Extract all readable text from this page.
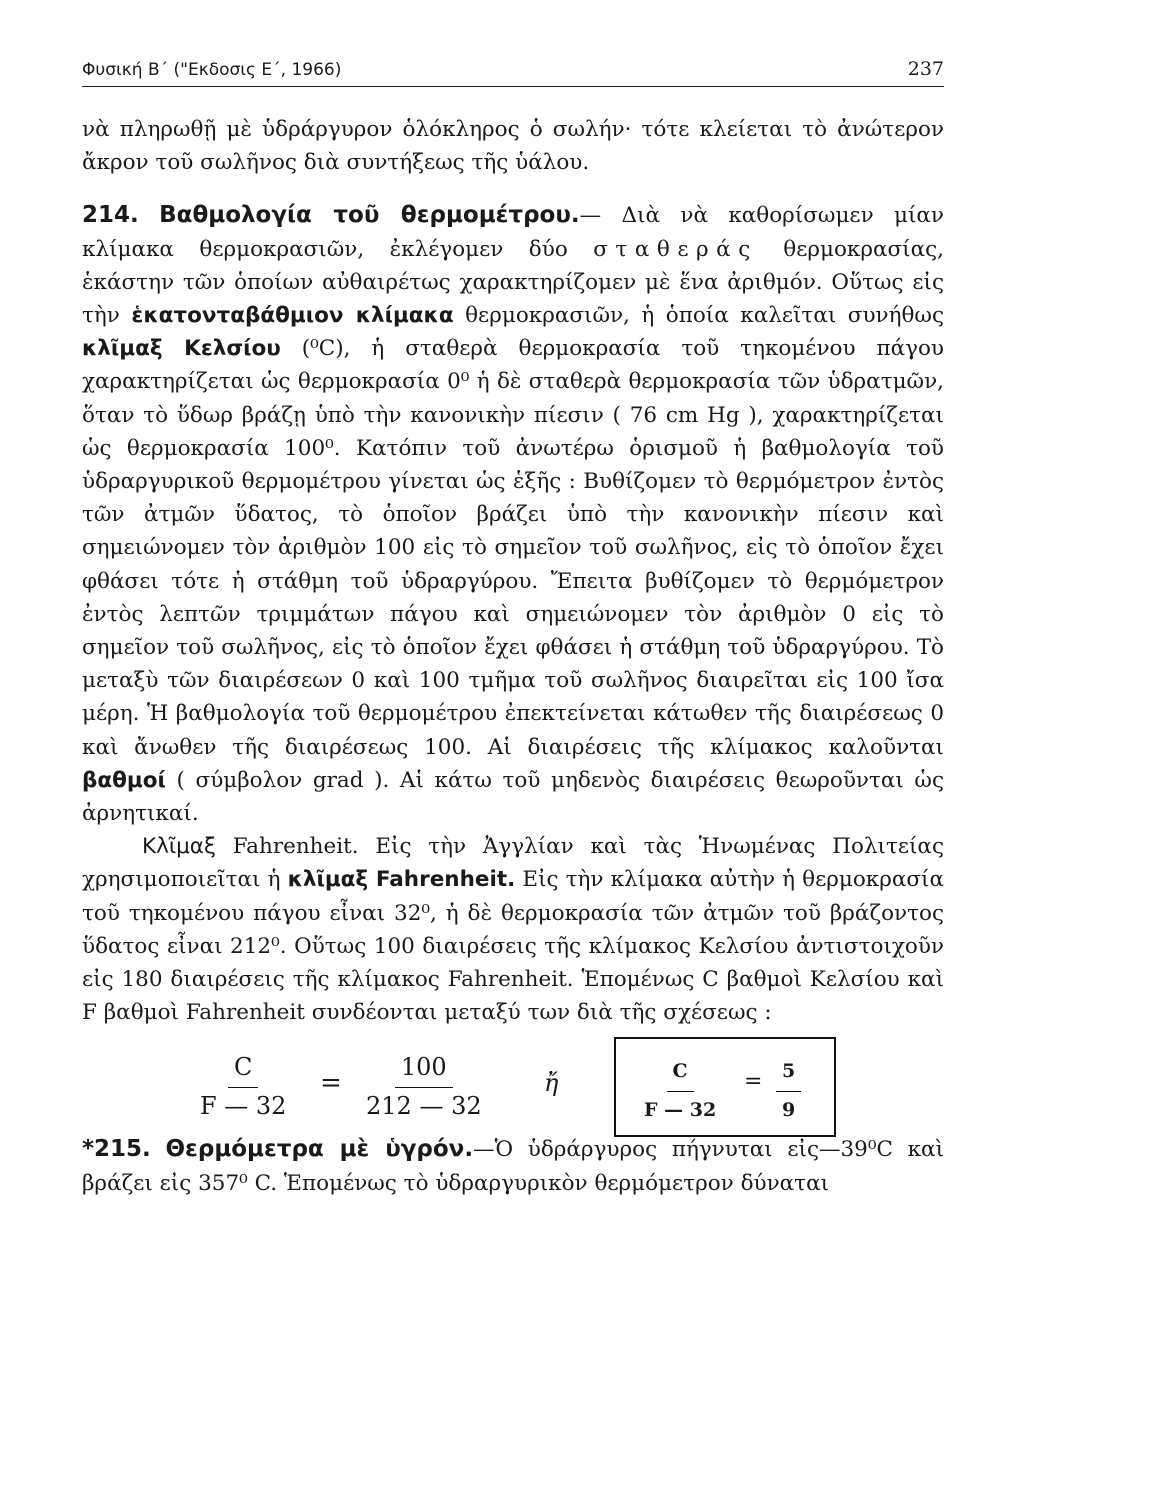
Φυσική Β΄ ("Εκδοσις Ε΄, 1966)	237

νὰ πληρωθῇ μὲ ὑδράργυρον ὁλόκληρος ὁ σωλήν· τότε κλείεται τὸ ἀνώτερον ἄκρον τοῦ σωλῆνος διὰ συντήξεως τῆς ὑάλου.

214. Βαθμολογία τοῦ θερμομέτρου.— Διὰ νὰ καθορίσωμεν μίαν κλίμακα θερμοκρασιῶν, ἐκλέγομεν δύο σταθεράς θερμοκρασίας, ἑκάστην τῶν ὁποίων αὐθαιρέτως χαρακτηρίζομεν μὲ ἕνα ἀριθμόν. Οὕτως εἰς τὴν ἑκατονταβάθμιον κλίμακα θερμοκρασιῶν, ἡ ὁποία καλεῖται συνήθως κλῖμαξ Κελσίου (⁰C), ἡ σταθερὰ θερμοκρασία τοῦ τηκομένου πάγου χαρακτηρίζεται ὡς θερμοκρασία 0⁰ ἡ δὲ σταθερὰ θερμοκρασία τῶν ὑδρατμῶν, ὅταν τὸ ὕδωρ βράζῃ ὑπὸ τὴν κανονικὴν πίεσιν ( 76 cm Hg ), χαρακτηρίζεται ὡς θερμοκρασία 100⁰. Κατόπιν τοῦ ἀνωτέρω ὁρισμοῦ ἡ βαθμολογία τοῦ ὑδραργυρικοῦ θερμομέτρου γίνεται ὡς ἑξῆς : Βυθίζομεν τὸ θερμόμετρον ἐντὸς τῶν ἀτμῶν ὕδατος, τὸ ὁποῖον βράζει ὑπὸ τὴν κανονικὴν πίεσιν καὶ σημειώνομεν τὸν ἀριθμὸν 100 εἰς τὸ σημεῖον τοῦ σωλῆνος, εἰς τὸ ὁποῖον ἔχει φθάσει τότε ἡ στάθμη τοῦ ὑδραργύρου. Ἔπειτα βυθίζομεν τὸ θερμόμετρον ἐντὸς λεπτῶν τριμμάτων πάγου καὶ σημειώνομεν τὸν ἀριθμὸν 0 εἰς τὸ σημεῖον τοῦ σωλῆνος, εἰς τὸ ὁποῖον ἔχει φθάσει ἡ στάθμη τοῦ ὑδραργύρου. Τὸ μεταξὺ τῶν διαιρέσεων 0 καὶ 100 τμῆμα τοῦ σωλῆνος διαιρεῖται εἰς 100 ἴσα μέρη. Ἡ βαθμολογία τοῦ θερμομέτρου ἐπεκτείνεται κάτωθεν τῆς διαιρέσεως 0 καὶ ἄνωθεν τῆς διαιρέσεως 100. Αἱ διαιρέσεις τῆς κλίμακος καλοῦνται βαθμοί ( σύμβολον grad ). Αἱ κάτω τοῦ μηδενὸς διαιρέσεις θεωροῦνται ὡς ἀρνητικαί.

Κλῖμαξ Fahrenheit. Εἰς τὴν Ἀγγλίαν καὶ τὰς Ἡνωμένας Πολιτείας χρησιμοποιεῖται ἡ κλῖμαξ Fahrenheit. Εἰς τὴν κλίμακα αὐτὴν ἡ θερμοκρασία τοῦ τηκομένου πάγου εἶναι 32⁰, ἡ δὲ θερμοκρασία τῶν ἀτμῶν τοῦ βράζοντος ὕδατος εἶναι 212⁰. Οὕτως 100 διαιρέσεις τῆς κλίμακος Κελσίου ἀντιστοιχοῦν εἰς 180 διαιρέσεις τῆς κλίμακος Fahrenheit. Ἑπομένως C βαθμοὶ Κελσίου καὶ F βαθμοὶ Fahrenheit συνδέονται μεταξύ των διὰ τῆς σχέσεως :

$\frac{C}{F — 32} = \frac{100}{212 — 32}$	ἤ	$\frac{C}{F — 32} = \frac{5}{9}$

*215. Θερμόμετρα μὲ ὑγρόν.—Ὁ ὑδράργυρος πήγνυται εἰς—39⁰C καὶ βράζει εἰς 357⁰ C. Ἑπομένως τὸ ὑδραργυρικὸν θερμόμετρον δύναται
